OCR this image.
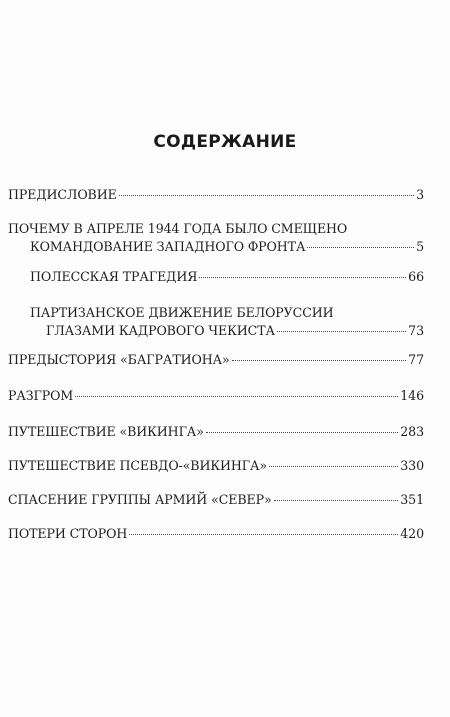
СОДЕРЖАНИЕ
ПРЕДИСЛОВИЕ	3
ПОЧЕМУ В АПРЕЛЕ 1944 ГОДА БЫЛО СМЕЩЕНО
КОМАНДОВАНИЕ ЗАПАДНОГО ФРОНТА	5
ПОЛЕССКАЯ ТРАГЕДИЯ	66
ПАРТИЗАНСКОЕ ДВИЖЕНИЕ БЕЛОРУССИИ
ГЛАЗАМИ КАДРОВОГО ЧЕКИСТА	73
ПРЕДЫСТОРИЯ «БАГРАТИОНА»	77
РАЗГРОМ	146
ПУТЕШЕСТВИЕ «ВИКИНГА»	283
ПУТЕШЕСТВИЕ ПСЕВДО-«ВИКИНГА»	330
СПАСЕНИЕ ГРУППЫ АРМИЙ «СЕВЕР»	351
ПОТЕРИ СТОРОН	420
